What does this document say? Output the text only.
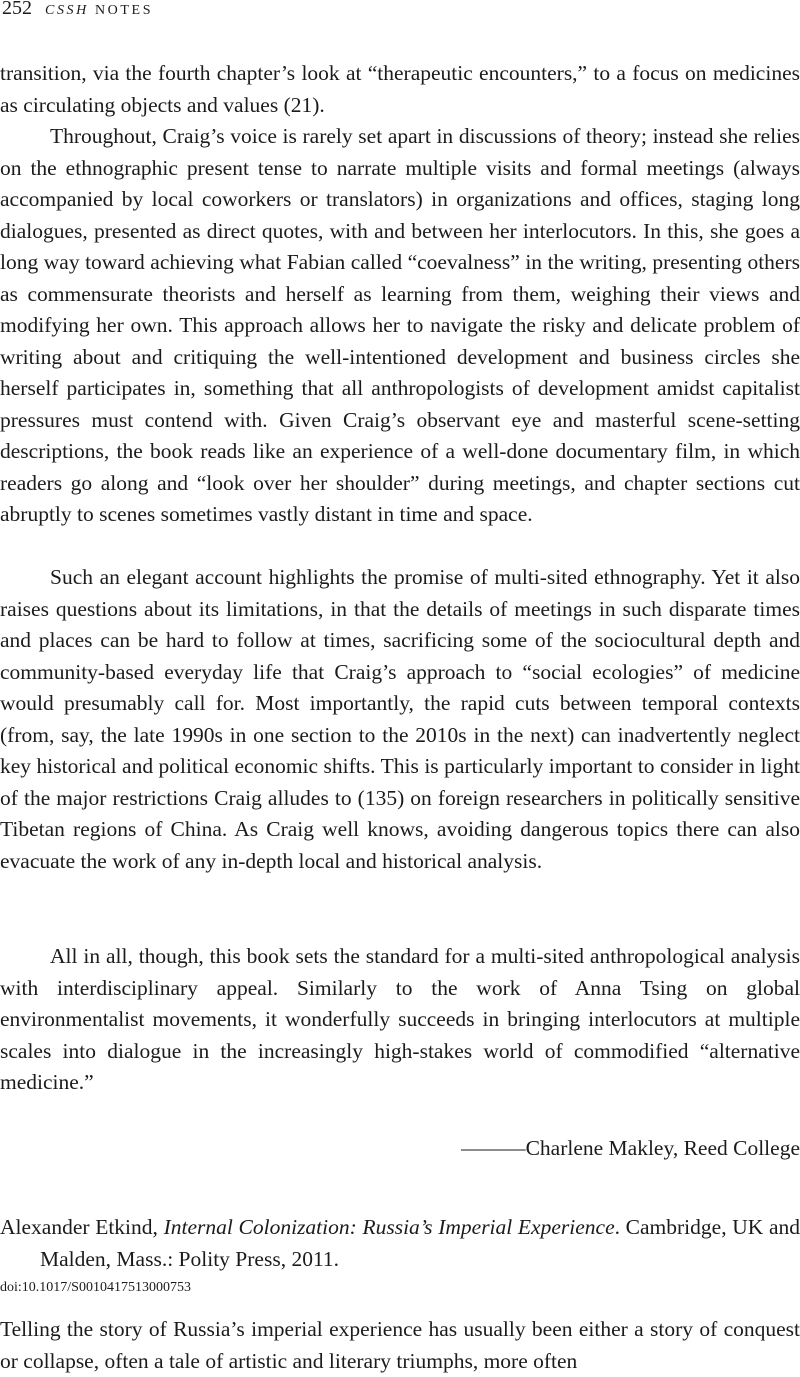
252 CSSH NOTES

transition, via the fourth chapter’s look at “therapeutic encounters,” to a focus on medicines as circulating objects and values (21).

Throughout, Craig’s voice is rarely set apart in discussions of theory; instead she relies on the ethnographic present tense to narrate multiple visits and formal meetings (always accompanied by local coworkers or translators) in organizations and offices, staging long dialogues, presented as direct quotes, with and between her interlocutors. In this, she goes a long way toward achieving what Fabian called “coevalness” in the writing, presenting others as commensurate theorists and herself as learning from them, weighing their views and modifying her own. This approach allows her to navigate the risky and delicate problem of writing about and critiquing the well-intentioned development and business circles she herself participates in, something that all anthropologists of development amidst capitalist pressures must contend with. Given Craig’s observant eye and masterful scene-setting descriptions, the book reads like an experience of a well-done documentary film, in which readers go along and “look over her shoulder” during meetings, and chapter sections cut abruptly to scenes sometimes vastly distant in time and space.

Such an elegant account highlights the promise of multi-sited ethnography. Yet it also raises questions about its limitations, in that the details of meetings in such disparate times and places can be hard to follow at times, sacrificing some of the sociocultural depth and community-based everyday life that Craig’s approach to “social ecologies” of medicine would presumably call for. Most importantly, the rapid cuts between temporal contexts (from, say, the late 1990s in one section to the 2010s in the next) can inadvertently neglect key historical and political economic shifts. This is particularly important to consider in light of the major restrictions Craig alludes to (135) on foreign researchers in politically sensitive Tibetan regions of China. As Craig well knows, avoiding dangerous topics there can also evacuate the work of any in-depth local and historical analysis.

All in all, though, this book sets the standard for a multi-sited anthropological analysis with interdisciplinary appeal. Similarly to the work of Anna Tsing on global environmentalist movements, it wonderfully succeeds in bringing interlocutors at multiple scales into dialogue in the increasingly high-stakes world of commodified “alternative medicine.”

———Charlene Makley, Reed College

Alexander Etkind, Internal Colonization: Russia’s Imperial Experience. Cambridge, UK and Malden, Mass.: Polity Press, 2011.

doi:10.1017/S0010417513000753

Telling the story of Russia’s imperial experience has usually been either a story of conquest or collapse, often a tale of artistic and literary triumphs, more often
